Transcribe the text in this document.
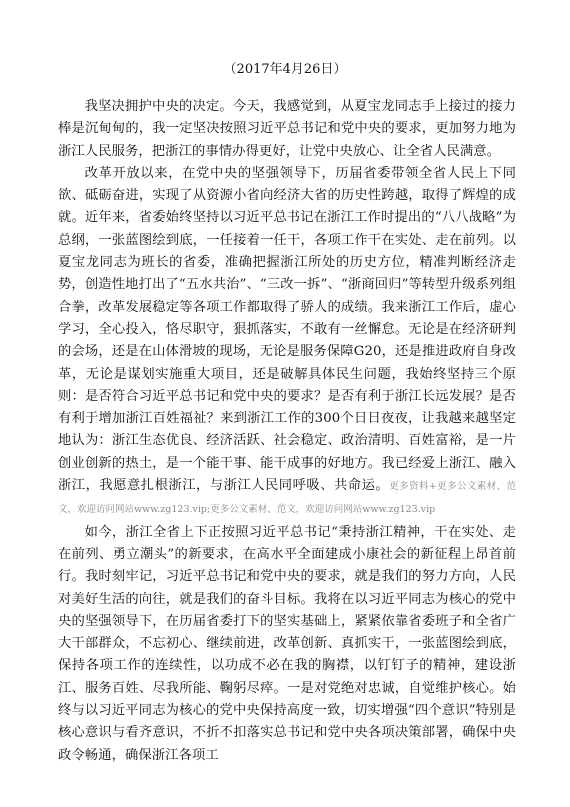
（2017年4月26日）

我坚决拥护中央的决定。今天，我感觉到，从夏宝龙同志手上接过的接力棒是沉甸甸的，我一定坚决按照习近平总书记和党中央的要求，更加努力地为浙江人民服务，把浙江的事情办得更好，让党中央放心、让全省人民满意。

改革开放以来，在党中央的坚强领导下，历届省委带领全省人民上下同欲、砥砺奋进，实现了从资源小省向经济大省的历史性跨越，取得了辉煌的成就。近年来，省委始终坚持以习近平总书记在浙江工作时提出的“八八战略”为总纲，一张蓝图绘到底，一任接着一任干，各项工作干在实处、走在前列。以夏宝龙同志为班长的省委，准确把握浙江所处的历史方位，精准判断经济走势，创造性地打出了“五水共治”、“三改一拆”、“浙商回归”等转型升级系列组合拳，改革发展稳定等各项工作都取得了骄人的成绩。我来浙江工作后，虚心学习，全心投入，恪尽职守，狠抓落实，不敢有一丝懈怠。无论是在经济研判的会场，还是在山体滑坡的现场，无论是服务保障G20，还是推进政府自身改革，无论是谋划实施重大项目，还是破解具体民生问题，我始终坚持三个原则：是否符合习近平总书记和党中央的要求？是否有利于浙江长远发展？是否有利于增加浙江百姓福祉？来到浙江工作的300个日日夜夜，让我越来越坚定地认为：浙江生态优良、经济活跃、社会稳定、政治清明、百姓富裕，是一片创业创新的热土，是一个能干事、能干成事的好地方。我已经爱上浙江、融入浙江，我愿意扎根浙江，与浙江人民同呼吸、共命运。更多资料+更多公文素材、范文，欢迎访问网站www.zg123.vip;更多公文素材、范文，欢迎访问网站www.zg123.vip

如今，浙江全省上下正按照习近平总书记“秉持浙江精神，干在实处、走在前列、勇立潮头”的新要求，在高水平全面建成小康社会的新征程上昂首前行。我时刻牢记，习近平总书记和党中央的要求，就是我们的努力方向，人民对美好生活的向往，就是我们的奋斗目标。我将在以习近平同志为核心的党中央的坚强领导下，在历届省委打下的坚实基础上，紧紧依靠省委班子和全省广大干部群众，不忘初心、继续前进，改革创新、真抓实干，一张蓝图绘到底，保持各项工作的连续性，以功成不必在我的胸襟，以钉钉子的精神，建设浙江、服务百姓、尽我所能、鞠躬尽瘁。一是对党绝对忠诚，自觉维护核心。始终与以习近平同志为核心的党中央保持高度一致，切实增强“四个意识”特别是核心意识与看齐意识，不折不扣落实总书记和党中央各项决策部署，确保中央政令畅通，确保浙江各项工
